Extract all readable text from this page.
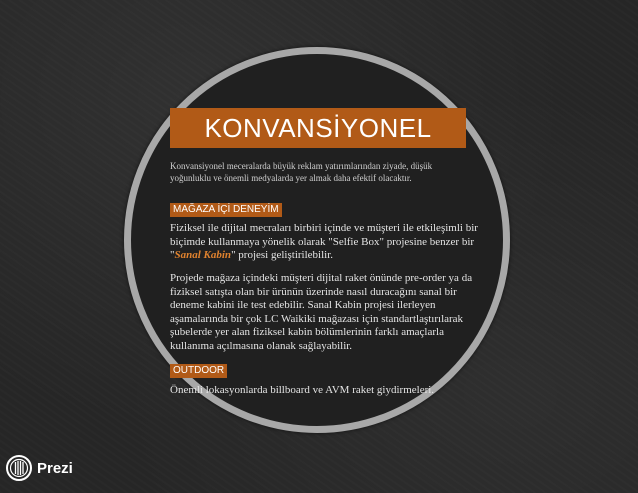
KONVANSİYONEL
Konvansiyonel meceralarda büyük reklam yatırımlarından ziyade, düşük yoğunluklu ve önemli medyalarda yer almak daha efektif olacaktır.
MAĞAZA İÇİ DENEYİM
Fiziksel ile dijital mecraları birbiri içinde ve müşteri ile etkileşimli bir biçimde kullanmaya yönelik olarak "Selfie Box" projesine benzer bir "Sanal Kabin" projesi geliştirilebilir.
Projede mağaza içindeki müşteri dijital raket önünde pre-order ya da fiziksel satışta olan bir ürünün üzerinde nasıl duracağını sanal bir deneme kabini ile test edebilir. Sanal Kabin projesi ilerleyen aşamalarında bir çok LC Waikiki mağazası için standartlaştırılarak şubelerde yer alan fiziksel kabin bölümlerinin farklı amaçlarla kullanıma açılmasına olanak sağlayabilir.
OUTDOOR
Önemli lokasyonlarda billboard ve AVM raket giydirmeleri.
Prezi
